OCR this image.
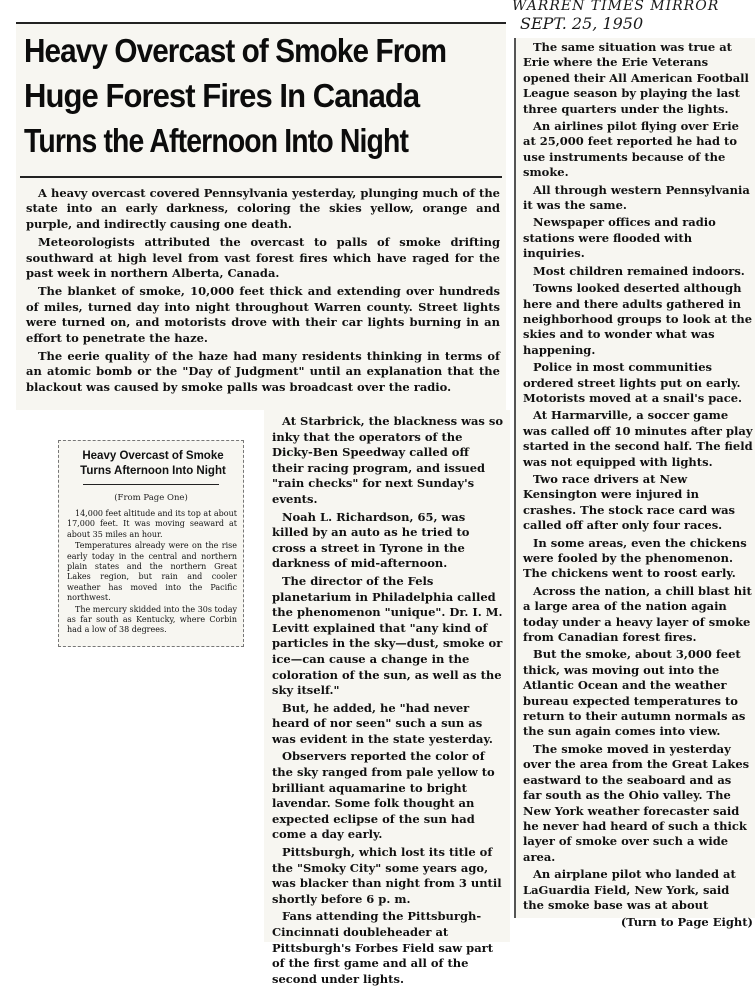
WARREN TIMES MIRROR
SEPT. 25, 1950
Heavy Overcast of Smoke From
Huge Forest Fires In Canada
Turns the Afternoon Into Night

A heavy overcast covered Pennsylvania yesterday, plunging much of the state into an early darkness, coloring the skies yellow, orange and purple, and indirectly causing one death.

Meteorologists attributed the overcast to palls of smoke drifting southward at high level from vast forest fires which have raged for the past week in northern Alberta, Canada.

The blanket of smoke, 10,000 feet thick and extending over hundreds of miles, turned day into night throughout Warren county. Street lights were turned on, and motorists drove with their car lights burning in an effort to penetrate the haze.

The eerie quality of the haze had many residents thinking in terms of an atomic bomb or the "Day of Judgment" until an explanation that the blackout was caused by smoke palls was broadcast over the radio.

At Starbrick, the blackness was so inky that the operators of the Dicky-Ben Speedway called off their racing program, and issued "rain checks" for next Sunday's events.

Noah L. Richardson, 65, was killed by an auto as he tried to cross a street in Tyrone in the darkness of mid-afternoon.

The director of the Fels planetarium in Philadelphia called the phenomenon "unique". Dr. I. M. Levitt explained that "any kind of particles in the sky—dust, smoke or ice—can cause a change in the coloration of the sun, as well as the sky itself."

But, he added, he "had never heard of nor seen" such a sun as was evident in the state yesterday.

Observers reported the color of the sky ranged from pale yellow to brilliant aquamarine to bright lavendar. Some folk thought an expected eclipse of the sun had come a day early.

Pittsburgh, which lost its title of the "Smoky City" some years ago, was blacker than night from 3 until shortly before 6 p. m.

Fans attending the Pittsburgh-Cincinnati doubleheader at Pittsburgh's Forbes Field saw part of the first game and all of the second under lights.

Heavy Overcast of Smoke
Turns Afternoon Into Night
(From Page One)

14,000 feet altitude and its top at about 17,000 feet. It was moving seaward at about 35 miles an hour.

Temperatures already were on the rise early today in the central and northern plain states and the northern Great Lakes region, but rain and cooler weather has moved into the Pacific northwest.

The mercury skidded into the 30s today as far south as Kentucky, where Corbin had a low of 38 degrees.

The same situation was true at Erie where the Erie Veterans opened their All American Football League season by playing the last three quarters under the lights.

An airlines pilot flying over Erie at 25,000 feet reported he had to use instruments because of the smoke.

All through western Pennsylvania it was the same.

Newspaper offices and radio stations were flooded with inquiries.

Most children remained indoors.

Towns looked deserted although here and there adults gathered in neighborhood groups to look at the skies and to wonder what was happening.

Police in most communities ordered street lights put on early. Motorists moved at a snail's pace.

At Harmarville, a soccer game was called off 10 minutes after play started in the second half. The field was not equipped with lights.

Two race drivers at New Kensington were injured in crashes. The stock race card was called off after only four races.

In some areas, even the chickens were fooled by the phenomenon. The chickens went to roost early.

Across the nation, a chill blast hit a large area of the nation again today under a heavy layer of smoke from Canadian forest fires.

But the smoke, about 3,000 feet thick, was moving out into the Atlantic Ocean and the weather bureau expected temperatures to return to their autumn normals as the sun again comes into view.

The smoke moved in yesterday over the area from the Great Lakes eastward to the seaboard and as far south as the Ohio valley. The New York weather forecaster said he never had heard of such a thick layer of smoke over such a wide area.

An airplane pilot who landed at LaGuardia Field, New York, said the smoke base was at about

(Turn to Page Eight)
